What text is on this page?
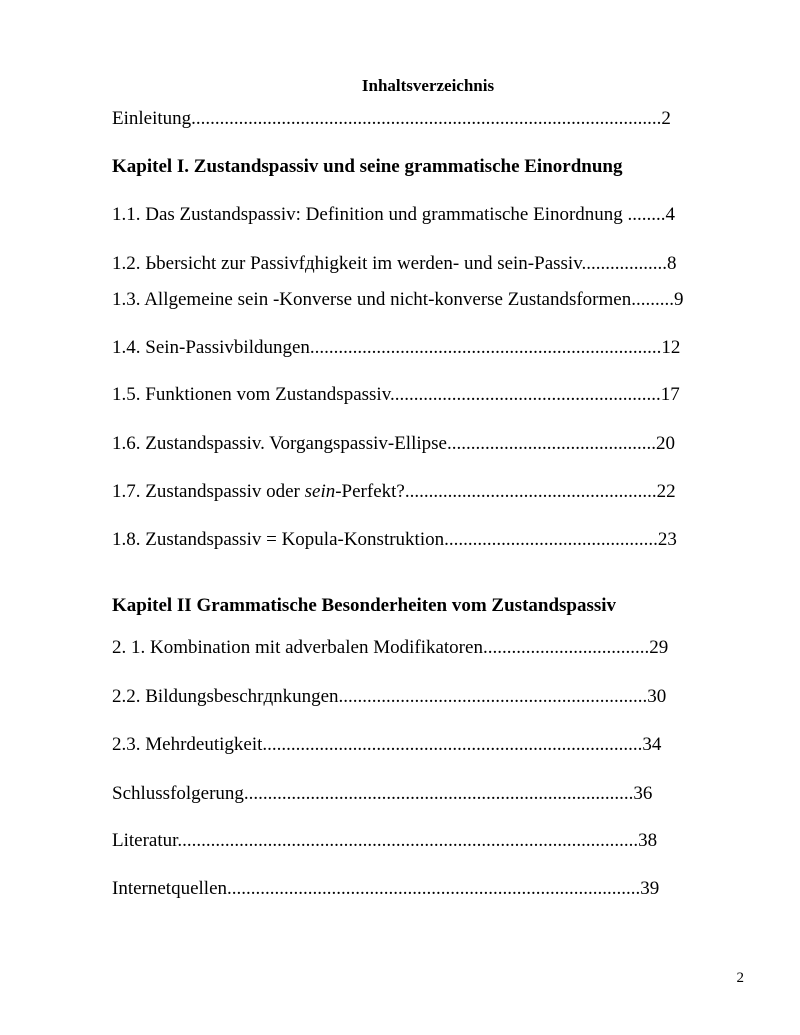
Inhaltsverzeichnis
Einleitung...................................................................................................2
Kapitel I. Zustandspassiv und seine grammatische Einordnung
1.1. Das Zustandspassiv: Definition und grammatische Einordnung ........4
1.2. Ьbersicht zur Passivfдhigkeit im werden- und sein-Passiv..................8
1.3. Allgemeine sein -Konverse und nicht-konverse Zustandsformen.........9
1.4. Sein-Passivbildungen..........................................................................12
1.5. Funktionen vom Zustandspassiv.........................................................17
1.6. Zustandspassiv. Vorgangspassiv-Ellipse............................................20
1.7. Zustandspassiv oder sein-Perfekt?.....................................................22
1.8. Zustandspassiv = Kopula-Konstruktion.............................................23
Kapitel II Grammatische Besonderheiten vom Zustandspassiv
2. 1. Kombination mit adverbalen Modifikatoren...................................29
2.2. Bildungsbeschrдnkungen.................................................................30
2.3. Mehrdeutigkeit................................................................................34
Schlussfolgerung..................................................................................36
Literatur.................................................................................................38
Internetquellen.......................................................................................39
2
